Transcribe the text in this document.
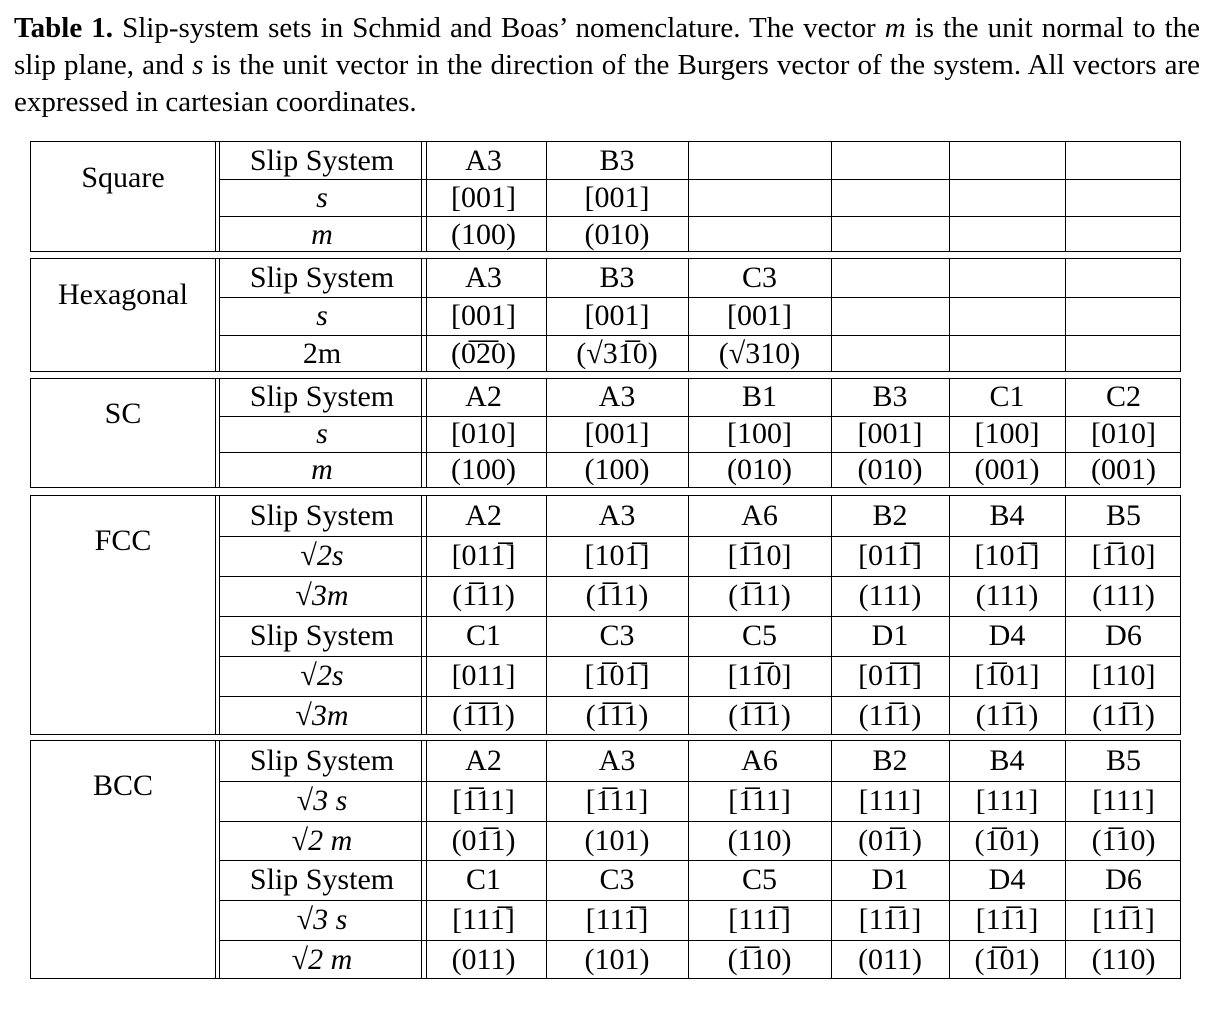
Table 1. Slip-system sets in Schmid and Boas’ nomenclature. The vector m is the unit normal to the slip plane, and s is the unit vector in the direction of the Burgers vector of the system. All vectors are expressed in cartesian coordinates.
Square
Slip System	A3	B3
s	[001]	[001]
m	(100)	(010)
Hexagonal
Slip System	A3	B3	C3
s	[001]	[001]	[001]
2m	(0̅2̅0)	(√31̅0)	(√310)
SC
Slip System	A2	A3	B1	B3	C1	C2
s	[010]	[001]	[100]	[001]	[100]	[010]
m	(100)	(100)	(010)	(010)	(001)	(001)
FCC
Slip System	A2	A3	A6	B2	B4	B5
√2s	[011̅]	[101̅]	[1̅10]	[011̅]	[101̅]	[1̅10]
√3m	(1̅11)	(1̅11)	(1̅11)	(111)	(111)	(111)
Slip System	C1	C3	C5	D1	D4	D6
√2s	[011]	[1̅01̅]	[11̅0]	[01̅1̅]	[1̅01]	[110]
√3m	(1̅1̅1)	(1̅1̅1)	(1̅1̅1)	(11̅1)	(11̅1)	(11̅1)
BCC
Slip System	A2	A3	A6	B2	B4	B5
√3 s	[1̅11]	[1̅11]	[1̅11]	[111]	[111]	[111]
√2 m	(01̅1)	(101)	(110)	(01̅1)	(1̅01)	(1̅10)
Slip System	C1	C3	C5	D1	D4	D6
√3 s	[111̅]	[111̅]	[111̅]	[11̅1]	[11̅1]	[11̅1]
√2 m	(011)	(101)	(1̅10)	(011)	(1̅01)	(110)
